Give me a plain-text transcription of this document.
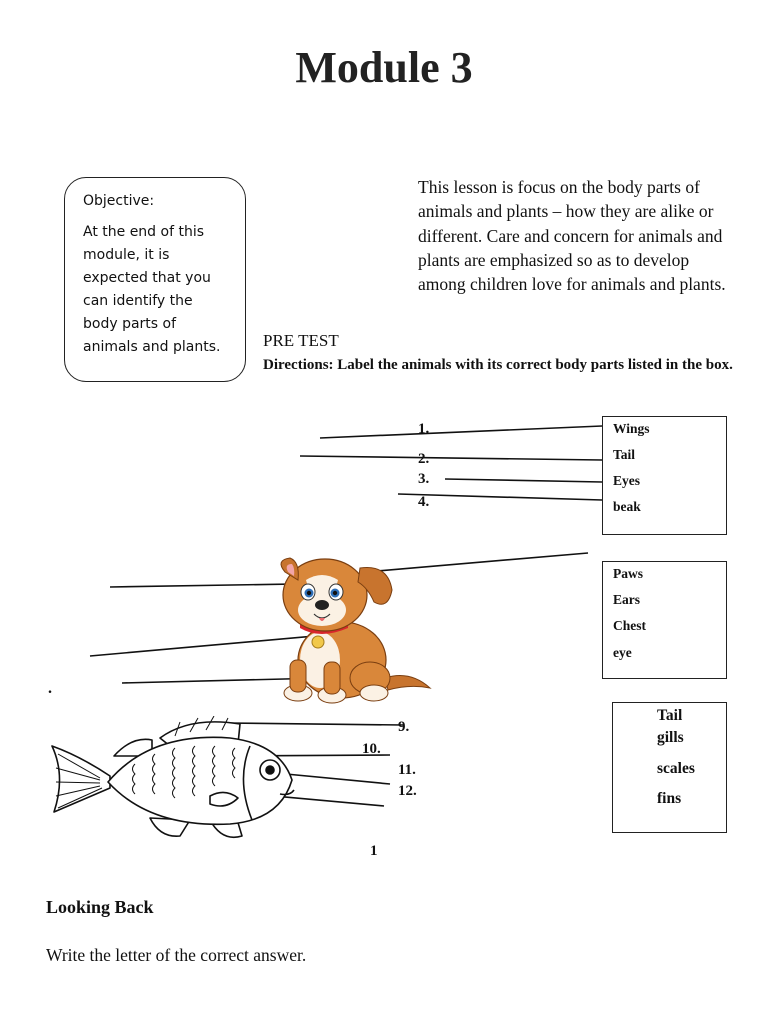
Module 3
Objective:
At the end of this module, it is expected that you can identify the body parts of animals and plants.
This lesson is focus on the body parts of animals and plants – how they are alike or different. Care and concern for animals and plants are emphasized so as to develop among children love for animals and plants.
PRE TEST
Directions: Label the animals with its correct body parts listed in the box.
1.
2.
3.
4.
Wings
Tail
Eyes
beak
Paws
Ears
Chest
eye
.
9.
10.
11.
12.
Tail
gills
scales
fins
1
Looking Back
Write the letter of the correct answer.
